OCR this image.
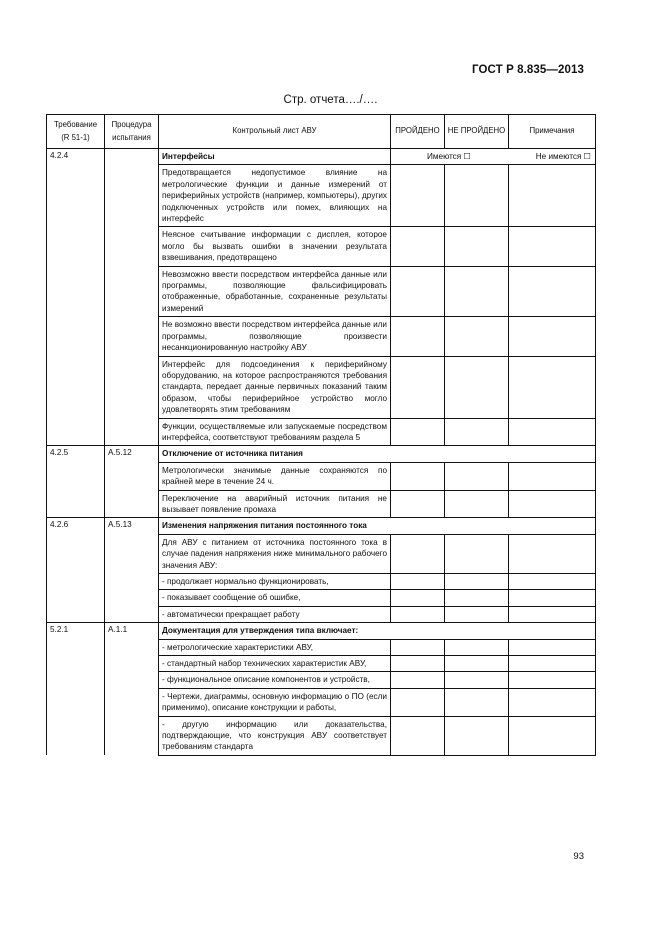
ГОСТ Р 8.835—2013
Стр. отчета…./….
Требование (R 51-1)	Процедура испытания	Контрольный лист АВУ	ПРОЙДЕНО	НЕ ПРОЙДЕНО	Примечания
4.2.4		Интерфейсы	Имеются ☐ Не имеются ☐		

		Предотвращается недопустимое влияние на метрологические функции и данные измерений от периферийных устройств (например, компьютеры), других подключенных устройств или помех, влияющих на интерфейс			
		Неясное считывание информации с дисплея, которое могло бы вызвать ошибки в значении результата взвешивания, предотвращено			
		Невозможно ввести посредством интерфейса данные или программы, позволяющие фальсифицировать отображенные, обработанные, сохраненные результаты измерений			
		Не возможно ввести посредством интерфейса данные или программы, позволяющие произвести несанкционированную настройку АВУ			
		Интерфейс для подсоединения к периферийному оборудованию, на которое распространяются требования стандарта, передает данные первичных показаний таким образом, чтобы периферийное устройство могло удовлетворять этим требованиям			
		Функции, осуществляемые или запускаемые посредством интерфейса, соответствуют требованиям раздела 5			
4.2.5	A.5.12	Отключение от источника питания			
		Метрологически значимые данные сохраняются по крайней мере в течение 24 ч.			
		Переключение на аварийный источник питания не вызывает появление промаха			
4.2.6	A.5.13	Изменения напряжения питания постоянного тока			
		Для АВУ с питанием от источника постоянного тока в случае падения напряжения ниже минимального рабочего значения АВУ:			
		- продолжает нормально функционировать,			
		- показывает сообщение об ошибке,			
		- автоматически прекращает работу			
5.2.1	A.1.1	Документация для утверждения типа включает:			
		- метрологические характеристики АВУ,			
		- стандартный набор технических характеристик АВУ,			
		- функциональное описание компонентов и устройств,			
		- Чертежи, диаграммы, основную информацию о ПО (если применимо), описание конструкции и работы,			
		- другую информацию или доказательства, подтверждающие, что конструкция АВУ соответствует требованиям стандарта			
93
